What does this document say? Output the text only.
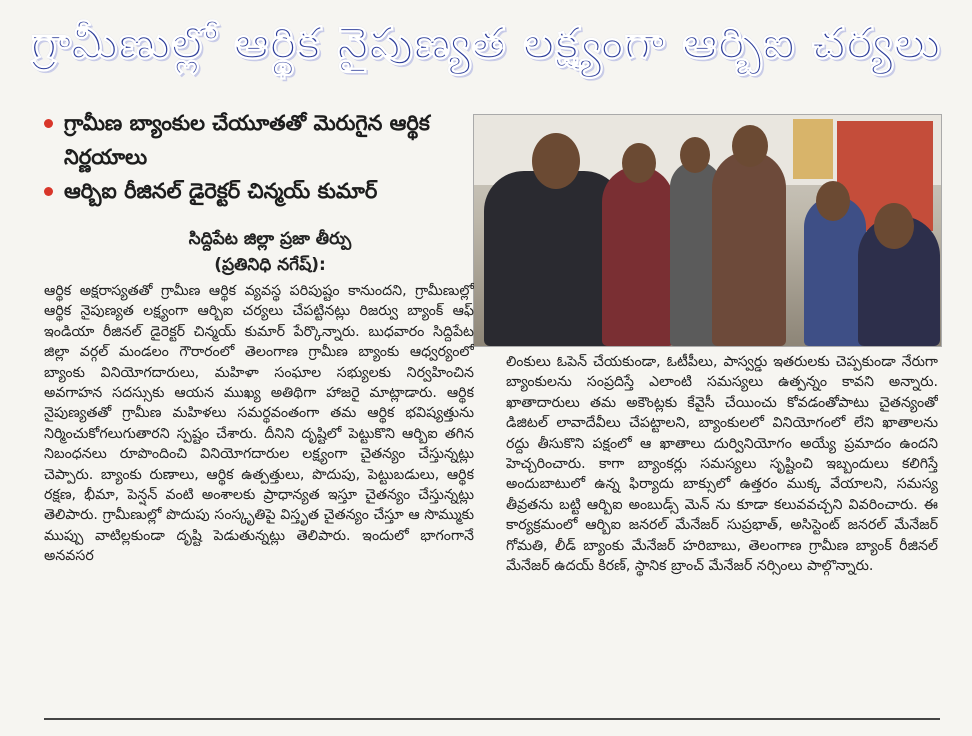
గ్రామీణుల్లో ఆర్థిక నైపుణ్యత లక్ష్యంగా ఆర్బిఐ చర్యలు
గ్రామీణ బ్యాంకుల చేయూతతో మెరుగైన ఆర్థిక నిర్ణయాలు
ఆర్బిఐ రీజినల్ డైరెక్టర్ చిన్మయ్ కుమార్
సిద్దిపేట జిల్లా ప్రజా తీర్పు
(ప్రతినిధి నగేష్):
ఆర్థిక అక్షరాస్యతతో గ్రామీణ ఆర్థిక వ్యవస్థ పరిపుష్టం కానుందని, గ్రామీణుల్లో ఆర్థిక నైపుణ్యత లక్ష్యంగా ఆర్బిఐ చర్యలు చేపట్టినట్లు రిజర్వు బ్యాంక్ ఆఫ్ ఇండియా రీజినల్ డైరెక్టర్ చిన్మయ్ కుమార్ పేర్కొన్నారు. బుధవారం సిద్దిపేట జిల్లా వర్గల్ మండలం గౌరారంలో తెలంగాణ గ్రామీణ బ్యాంకు ఆధ్వర్యంలో బ్యాంకు వినియోగదారులు, మహిళా సంఘాల సభ్యులకు నిర్వహించిన అవగాహన సదస్సుకు ఆయన ముఖ్య అతిథిగా హాజరై మాట్లాడారు. ఆర్థిక నైపుణ్యతతో గ్రామీణ మహిళలు సమర్థవంతంగా తమ ఆర్థిక భవిష్యత్తును నిర్మించుకోగలుగుతారని స్పష్టం చేశారు. దీనిని దృష్టిలో పెట్టుకొని ఆర్బిఐ తగిన నిబంధనలు రూపొందించి వినియోగదారుల లక్ష్యంగా చైతన్యం చేస్తున్నట్లు చెప్పారు. బ్యాంకు రుణాలు, ఆర్థిక ఉత్పత్తులు, పొదుపు, పెట్టుబడులు, ఆర్థిక రక్షణ, భీమా, పెన్షన్ వంటి అంశాలకు ప్రాధాన్యత ఇస్తూ చైతన్యం చేస్తున్నట్లు తెలిపారు. గ్రామీణుల్లో పొదుపు సంస్కృతిపై విస్తృత చైతన్యం చేస్తూ ఆ సొమ్ముకు ముప్పు వాటిల్లకుండా దృష్టి పెడుతున్నట్లు తెలిపారు. ఇందులో భాగంగానే అనవసర
లింకులు ఓపెన్ చేయకుండా, ఓటీపీలు, పాస్వర్డు ఇతరులకు చెప్పకుండా నేరుగా బ్యాంకులను సంప్రదిస్తే ఎలాంటి సమస్యలు ఉత్పన్నం కావని అన్నారు. ఖాతాదారులు తమ అకౌంట్లకు కేవైసీ చేయించు కోవడంతోపాటు చైతన్యంతో డిజిటల్ లావాదేవీలు చేపట్టాలని, బ్యాంకులలో వినియోగంలో లేని ఖాతాలను రద్దు తీసుకొని పక్షంలో ఆ ఖాతాలు దుర్వినియోగం అయ్యే ప్రమాదం ఉందని హెచ్చరించారు. కాగా బ్యాంకర్లు సమస్యలు సృష్టించి ఇబ్బందులు కలిగిస్తే అందుబాటులో ఉన్న ఫిర్యాదు బాక్సులో ఉత్తరం ముక్క వేయాలని, సమస్య తీవ్రతను బట్టి ఆర్బిఐ అంబుడ్స్ మెన్ ను కూడా కలువవచ్చని వివరించారు. ఈ కార్యక్రమంలో ఆర్బిఐ జనరల్ మేనేజర్ సుప్రభాత్, అసిస్టెంట్ జనరల్ మేనేజర్ గోమతి, లీడ్ బ్యాంకు మేనేజర్ హరిబాబు, తెలంగాణ గ్రామీణ బ్యాంక్ రీజినల్ మేనేజర్ ఉదయ్ కిరణ్, స్థానిక బ్రాంచ్ మేనేజర్ నర్సింలు పాల్గొన్నారు.
